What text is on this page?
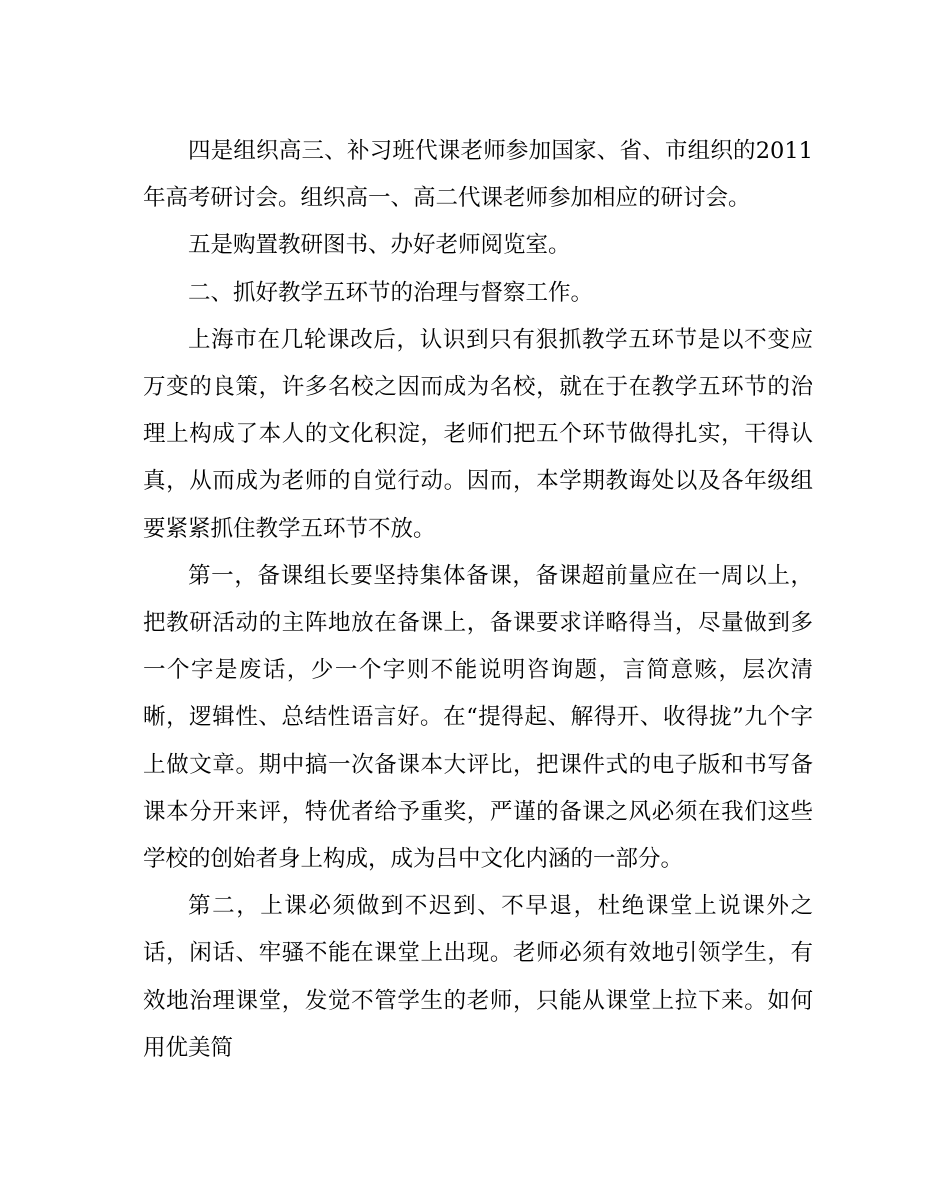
四是组织高三、补习班代课老师参加国家、省、市组织的2011年高考研讨会。组织高一、高二代课老师参加相应的研讨会。

五是购置教研图书、办好老师阅览室。

二、抓好教学五环节的治理与督察工作。

上海市在几轮课改后，认识到只有狠抓教学五环节是以不变应万变的良策，许多名校之因而成为名校，就在于在教学五环节的治理上构成了本人的文化积淀，老师们把五个环节做得扎实，干得认真，从而成为老师的自觉行动。因而，本学期教诲处以及各年级组要紧紧抓住教学五环节不放。

第一，备课组长要坚持集体备课，备课超前量应在一周以上，把教研活动的主阵地放在备课上，备课要求详略得当，尽量做到多一个字是废话，少一个字则不能说明咨询题，言简意赅，层次清晰，逻辑性、总结性语言好。在“提得起、解得开、收得拢”九个字上做文章。期中搞一次备课本大评比，把课件式的电子版和书写备课本分开来评，特优者给予重奖，严谨的备课之风必须在我们这些学校的创始者身上构成，成为吕中文化内涵的一部分。

第二，上课必须做到不迟到、不早退，杜绝课堂上说课外之话，闲话、牢骚不能在课堂上出现。老师必须有效地引领学生，有效地治理课堂，发觉不管学生的老师，只能从课堂上拉下来。如何用优美简
